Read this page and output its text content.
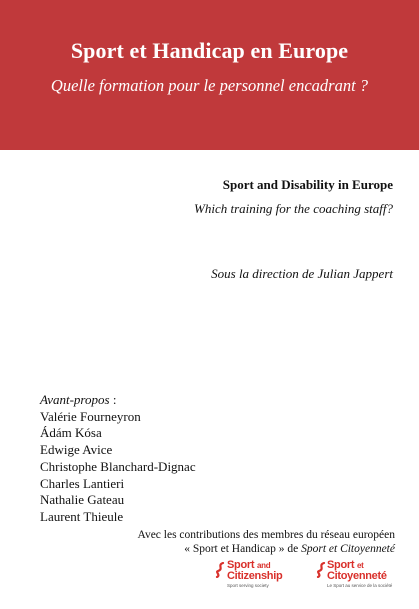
Sport et Handicap en Europe
Quelle formation pour le personnel encadrant ?
Sport and Disability in Europe
Which training for the coaching staff?
Sous la direction de Julian Jappert
Avant-propos :
Valérie Fourneyron
Ádám Kósa
Edwige Avice
Christophe Blanchard-Dignac
Charles Lantieri
Nathalie Gateau
Laurent Thieule
Avec les contributions des membres du réseau européen
« Sport et Handicap » de Sport et Citoyenneté
Sport and
Citizenship
Sport serving society
Sport et
Citoyenneté
Le Sport au service de la société
